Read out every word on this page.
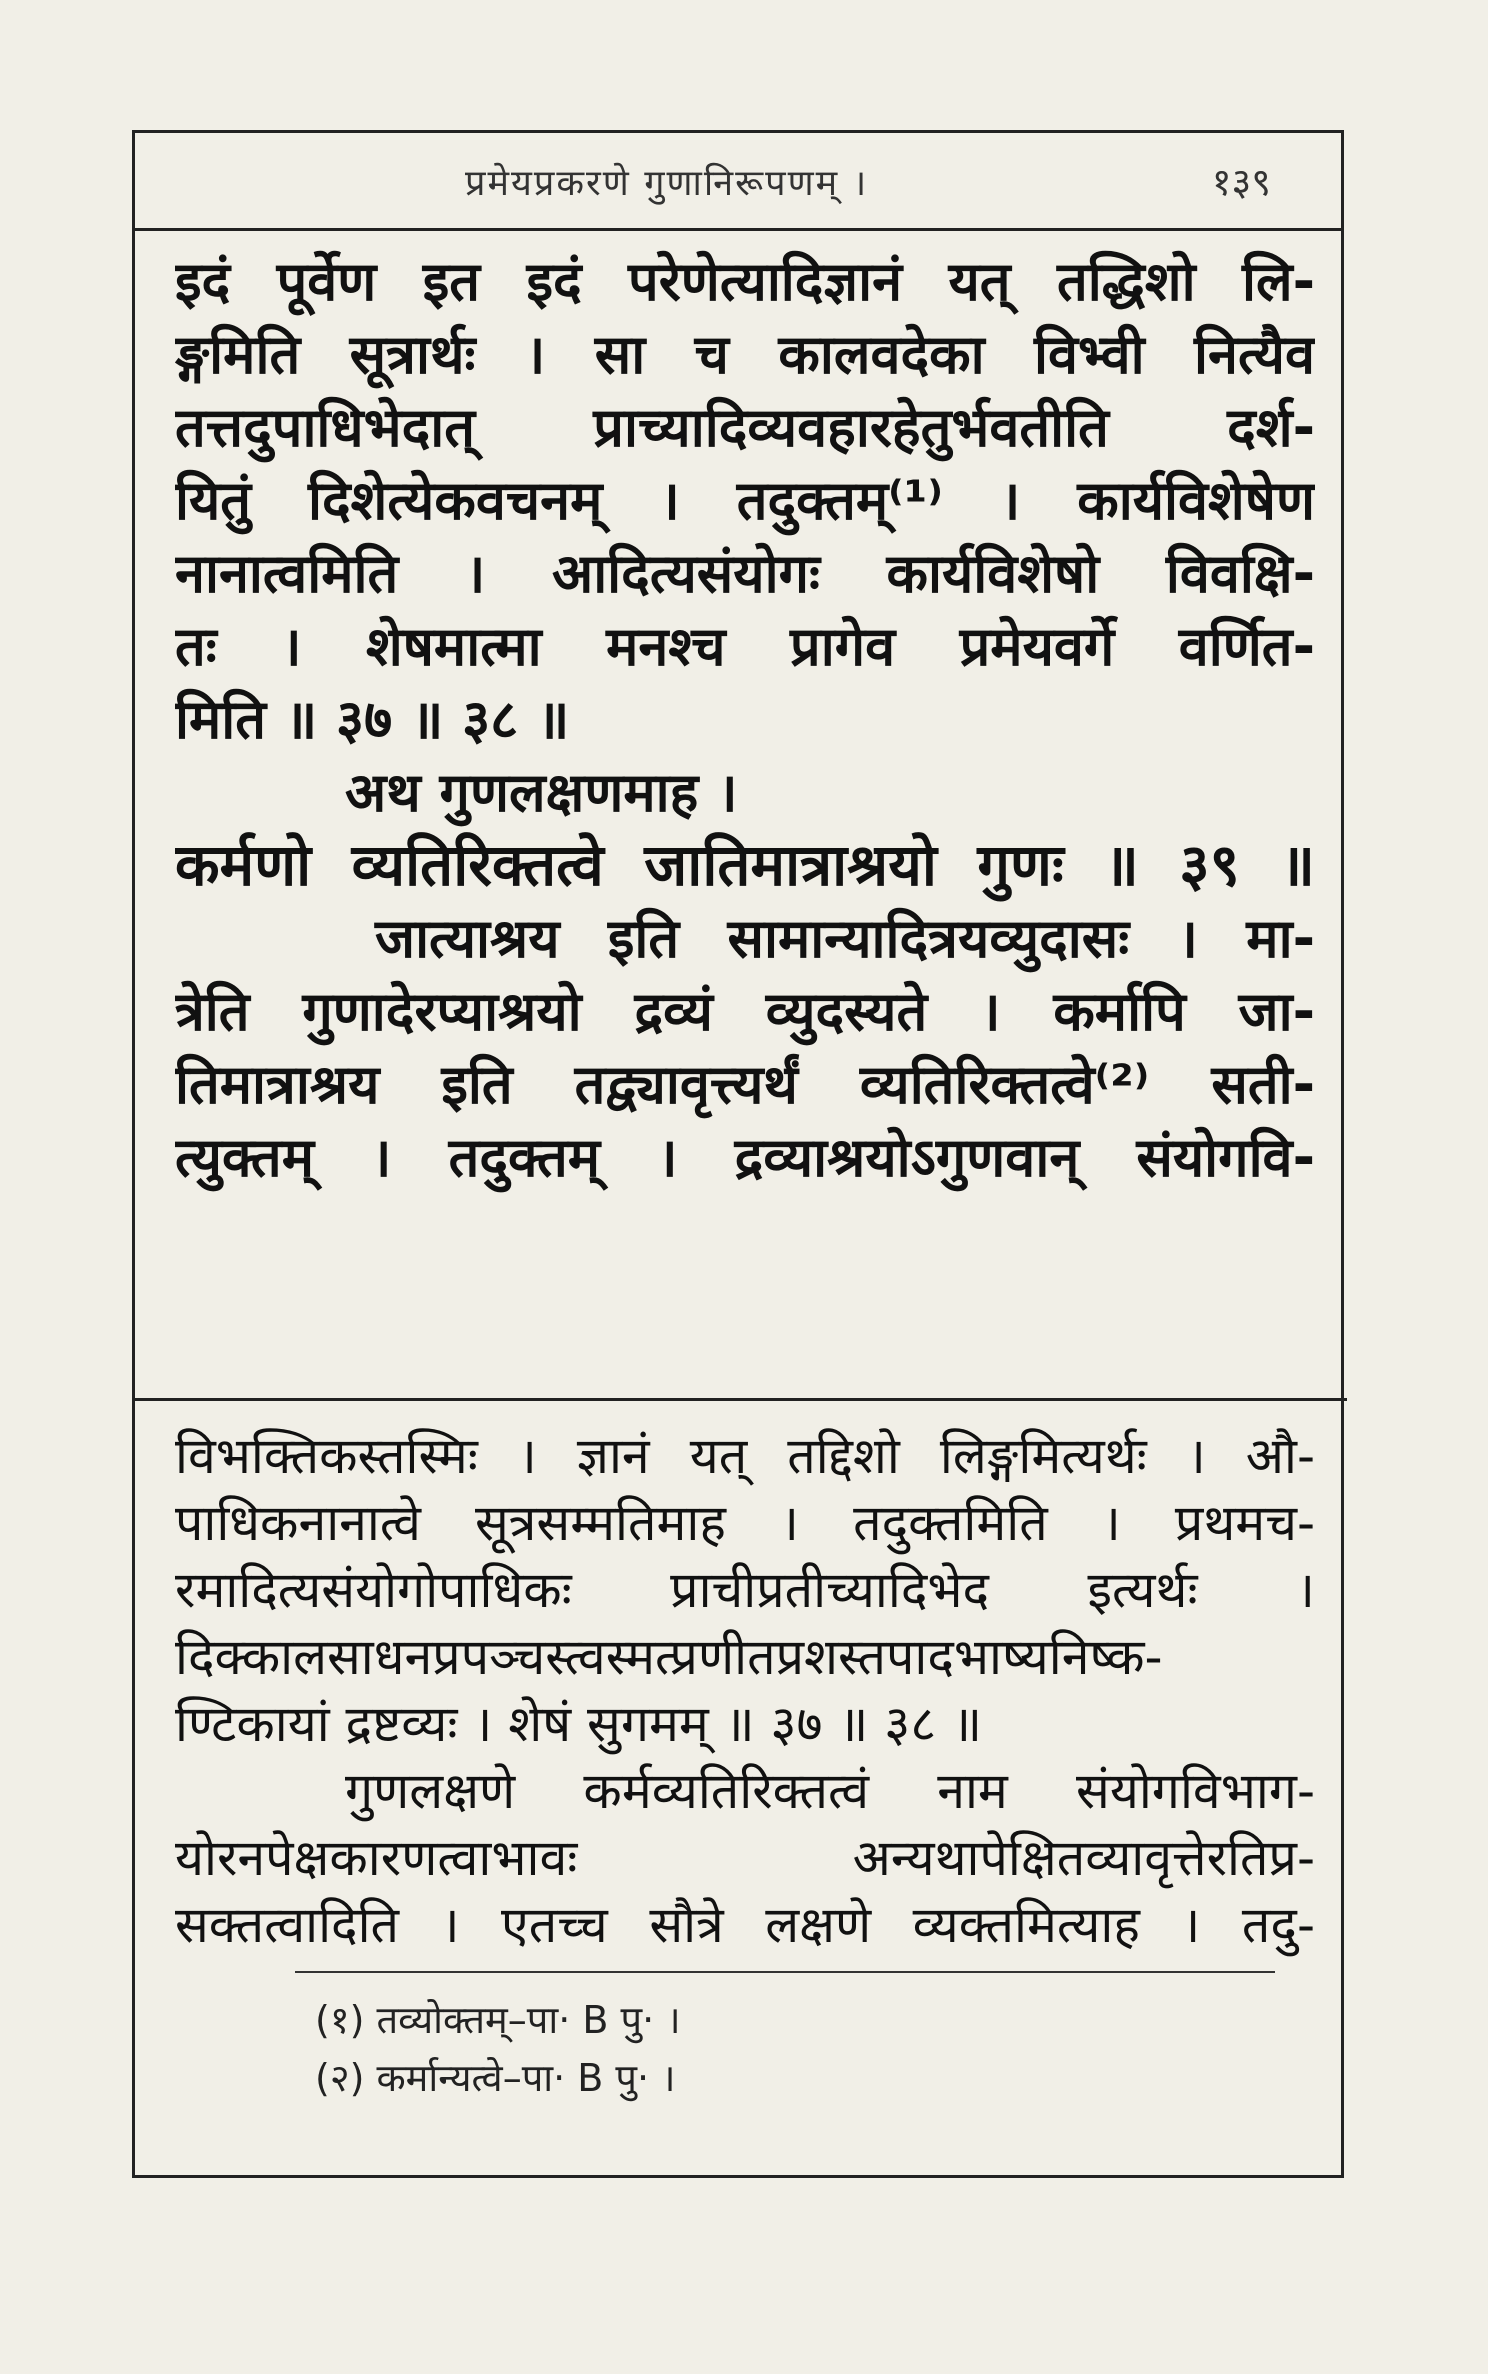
प्रमेयप्रकरणे गुणानिरूपणम् ।	१३९
इदं पूर्वेण इत इदं परेणेत्यादिज्ञानं यत् तद्धिशो लि-
ङ्गमिति सूत्रार्थः । सा च कालवदेका विभ्वी नित्यैव
तत्तदुपाधिभेदात् प्राच्यादिव्यवहारहेतुर्भवतीति दर्श-
यितुं दिशेत्येकवचनम् । तदुक्तम्⁽¹⁾ । कार्यविशेषेण
नानात्वमिति । आदित्यसंयोगः कार्यविशेषो विवक्षि-
तः । शेषमात्मा मनश्च प्रागेव प्रमेयवर्गे वर्णित-
मिति ॥ ३७ ॥ ३८ ॥
अथ गुणलक्षणमाह ।
कर्मणो व्यतिरिक्तत्वे जातिमात्राश्रयो गुणः ॥ ३९ ॥
जात्याश्रय इति सामान्यादित्रयव्युदासः । मा-
त्रेति गुणादेरप्याश्रयो द्रव्यं व्युदस्यते । कर्मापि जा-
तिमात्राश्रय इति तद्व्यावृत्त्यर्थं व्यतिरिक्तत्वे⁽²⁾ सती-
त्युक्तम् । तदुक्तम् । द्रव्याश्रयोऽगुणवान् संयोगवि-
विभक्तिकस्तस्मिः । ज्ञानं यत् तद्दिशो लिङ्गमित्यर्थः । औ-
पाधिकनानात्वे सूत्रसम्मतिमाह । तदुक्तमिति । प्रथमच-
रमादित्यसंयोगोपाधिकः प्राचीप्रतीच्यादिभेद इत्यर्थः ।
दिक्कालसाधनप्रपञ्चस्त्वस्मत्प्रणीतप्रशस्तपादभाष्यनिष्क-
ण्टिकायां द्रष्टव्यः । शेषं सुगमम् ॥ ३७ ॥ ३८ ॥
गुणलक्षणे कर्मव्यतिरिक्तत्वं नाम संयोगविभाग-
योरनपेक्षकारणत्वाभावः अन्यथापेक्षितव्यावृत्तेरतिप्र-
सक्तत्वादिति । एतच्च सौत्रे लक्षणे व्यक्तमित्याह । तदु-
(१) तव्योक्तम्–पा· B पु· ।
(२) कर्मान्यत्वे–पा· B पु· ।
